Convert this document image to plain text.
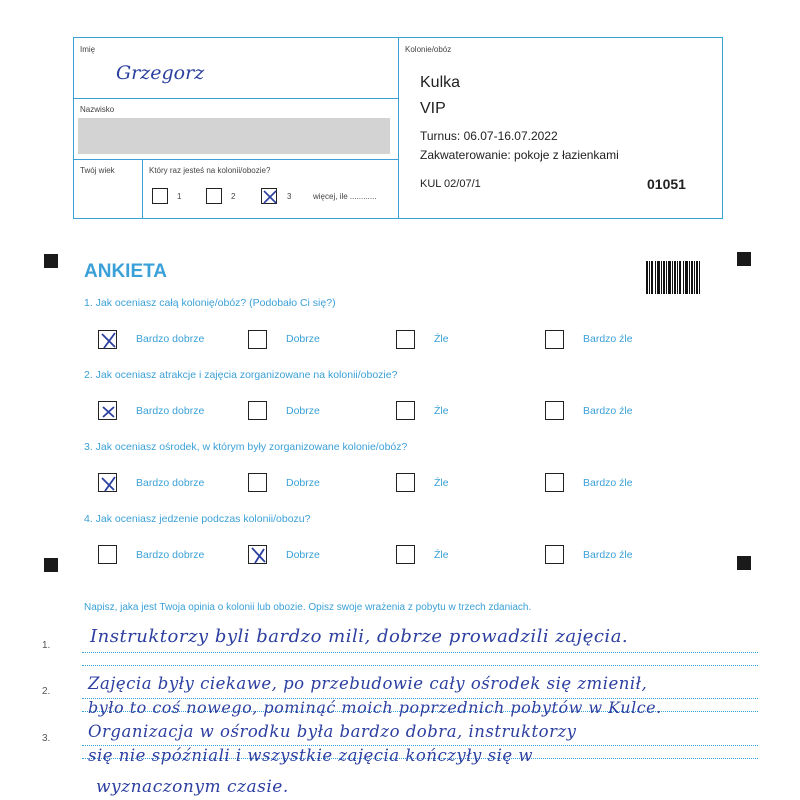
Imię
Grzegorz
Nazwisko
Twój wiek	Który raz jesteś na kolonii/obozie?
1	2	3	więcej, ile ............
Kolonie/obóz
Kulka
VIP
Turnus: 06.07-16.07.2022
Zakwaterowanie: pokoje z łazienkami
KUL 02/07/1	01051
ANKIETA
1. Jak oceniasz całą kolonię/obóz? (Podobało Ci się?)
Bardzo dobrze	Dobrze	Źle	Bardzo źle
2. Jak oceniasz atrakcje i zajęcia zorganizowane na kolonii/obozie?
Bardzo dobrze	Dobrze	Źle	Bardzo źle
3. Jak oceniasz ośrodek, w którym były zorganizowane kolonie/obóz?
Bardzo dobrze	Dobrze	Źle	Bardzo źle
4. Jak oceniasz jedzenie podczas kolonii/obozu?
Bardzo dobrze	Dobrze	Źle	Bardzo źle
Napisz, jaka jest Twoja opinia o kolonii lub obozie. Opisz swoje wrażenia z pobytu w trzech zdaniach.
1.
2.
3.
Instruktorzy byli bardzo mili, dobrze prowadzili zajęcia.
Zajęcia były ciekawe, po przebudowie cały ośrodek się zmienił,
było to coś nowego, pominąć moich poprzednich pobytów w Kulce.
Organizacja w ośrodku była bardzo dobra, instruktorzy
się nie spóźniali i wszystkie zajęcia kończyły się w
wyznaczonym czasie.
